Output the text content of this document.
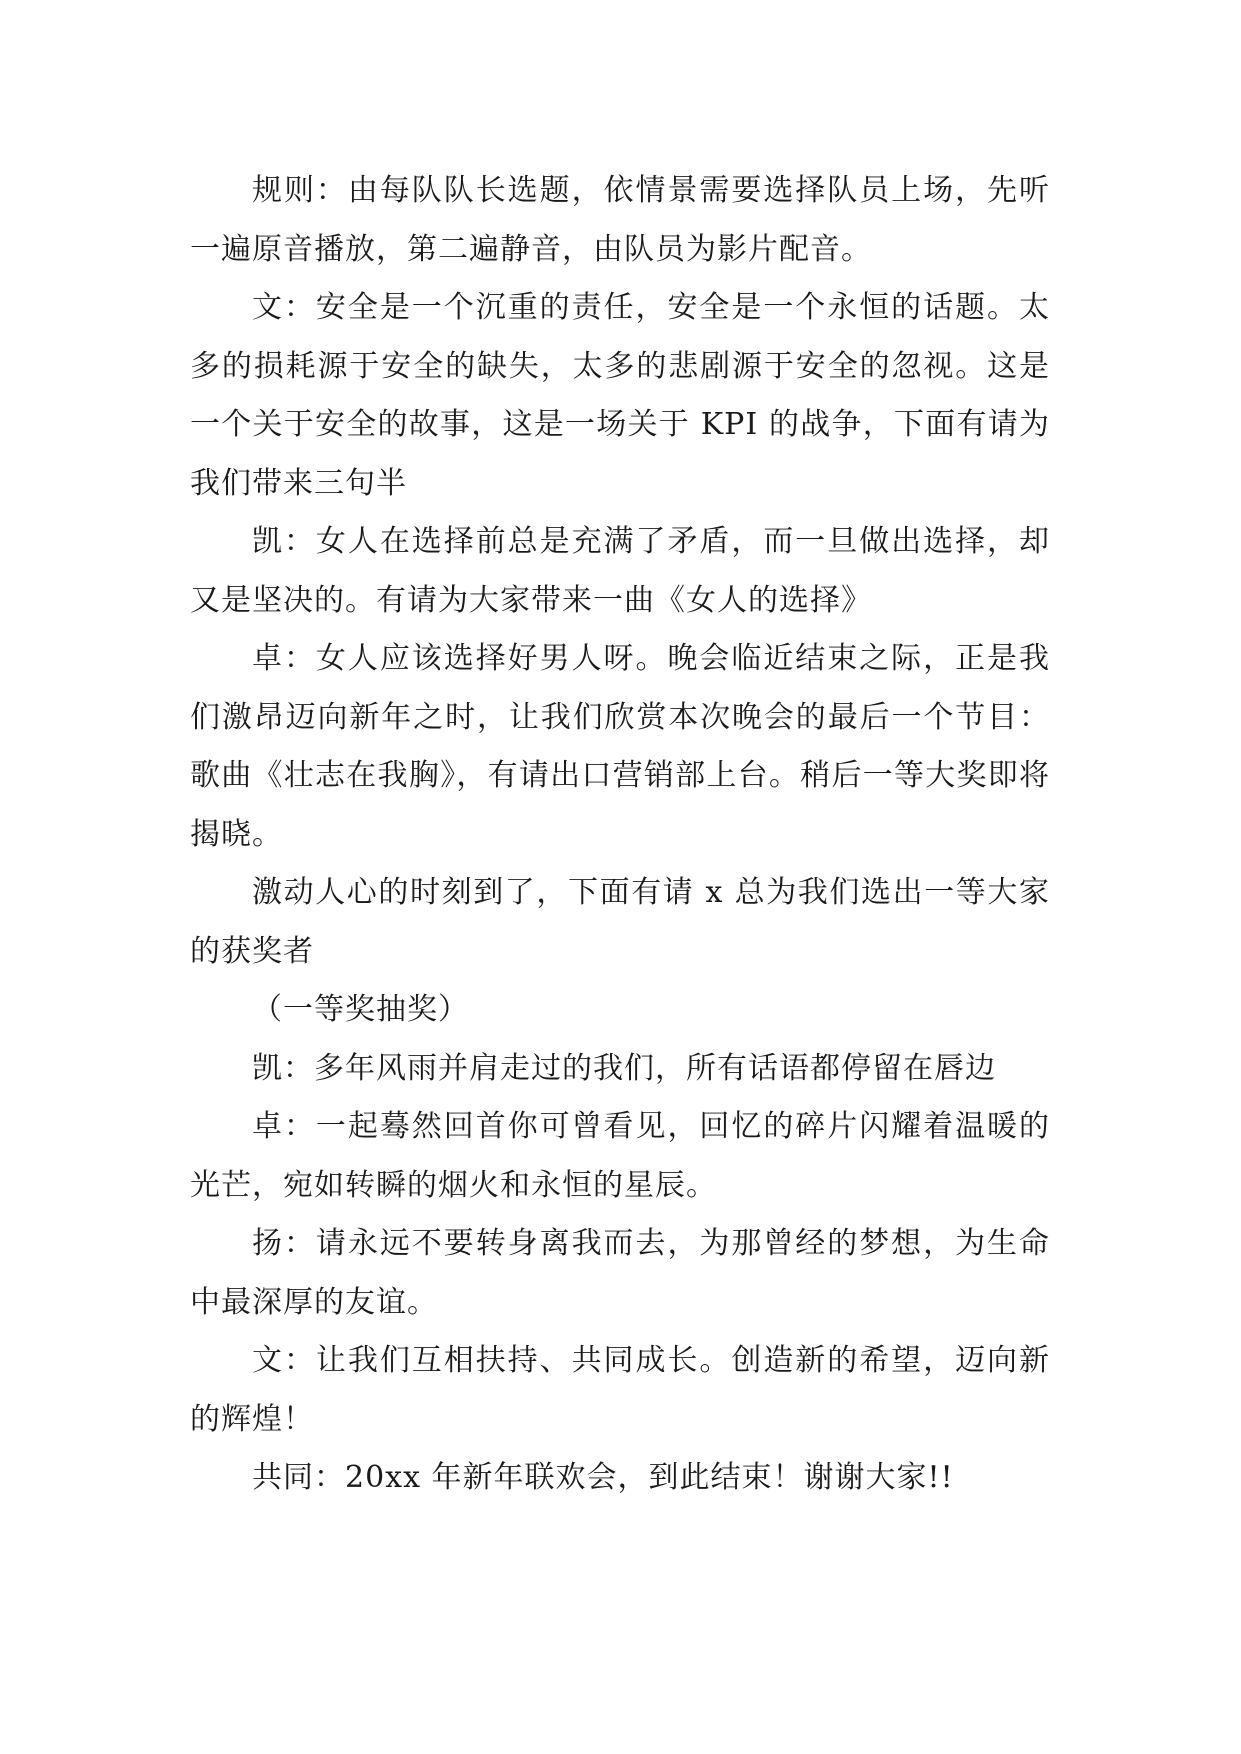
规则：由每队队长选题，依情景需要选择队员上场，先听一遍原音播放，第二遍静音，由队员为影片配音。

文：安全是一个沉重的责任，安全是一个永恒的话题。太多的损耗源于安全的缺失，太多的悲剧源于安全的忽视。这是一个关于安全的故事，这是一场关于 KPI 的战争，下面有请为我们带来三句半

凯：女人在选择前总是充满了矛盾，而一旦做出选择，却又是坚决的。有请为大家带来一曲《女人的选择》

卓：女人应该选择好男人呀。晚会临近结束之际，正是我们激昂迈向新年之时，让我们欣赏本次晚会的最后一个节目：歌曲《壮志在我胸》，有请出口营销部上台。稍后一等大奖即将揭晓。

激动人心的时刻到了，下面有请 x 总为我们选出一等大家的获奖者

（一等奖抽奖）

凯：多年风雨并肩走过的我们，所有话语都停留在唇边

卓：一起蓦然回首你可曾看见，回忆的碎片闪耀着温暖的光芒，宛如转瞬的烟火和永恒的星辰。

扬：请永远不要转身离我而去，为那曾经的梦想，为生命中最深厚的友谊。

文：让我们互相扶持、共同成长。创造新的希望，迈向新的辉煌！

共同：20xx 年新年联欢会，到此结束！谢谢大家!!
